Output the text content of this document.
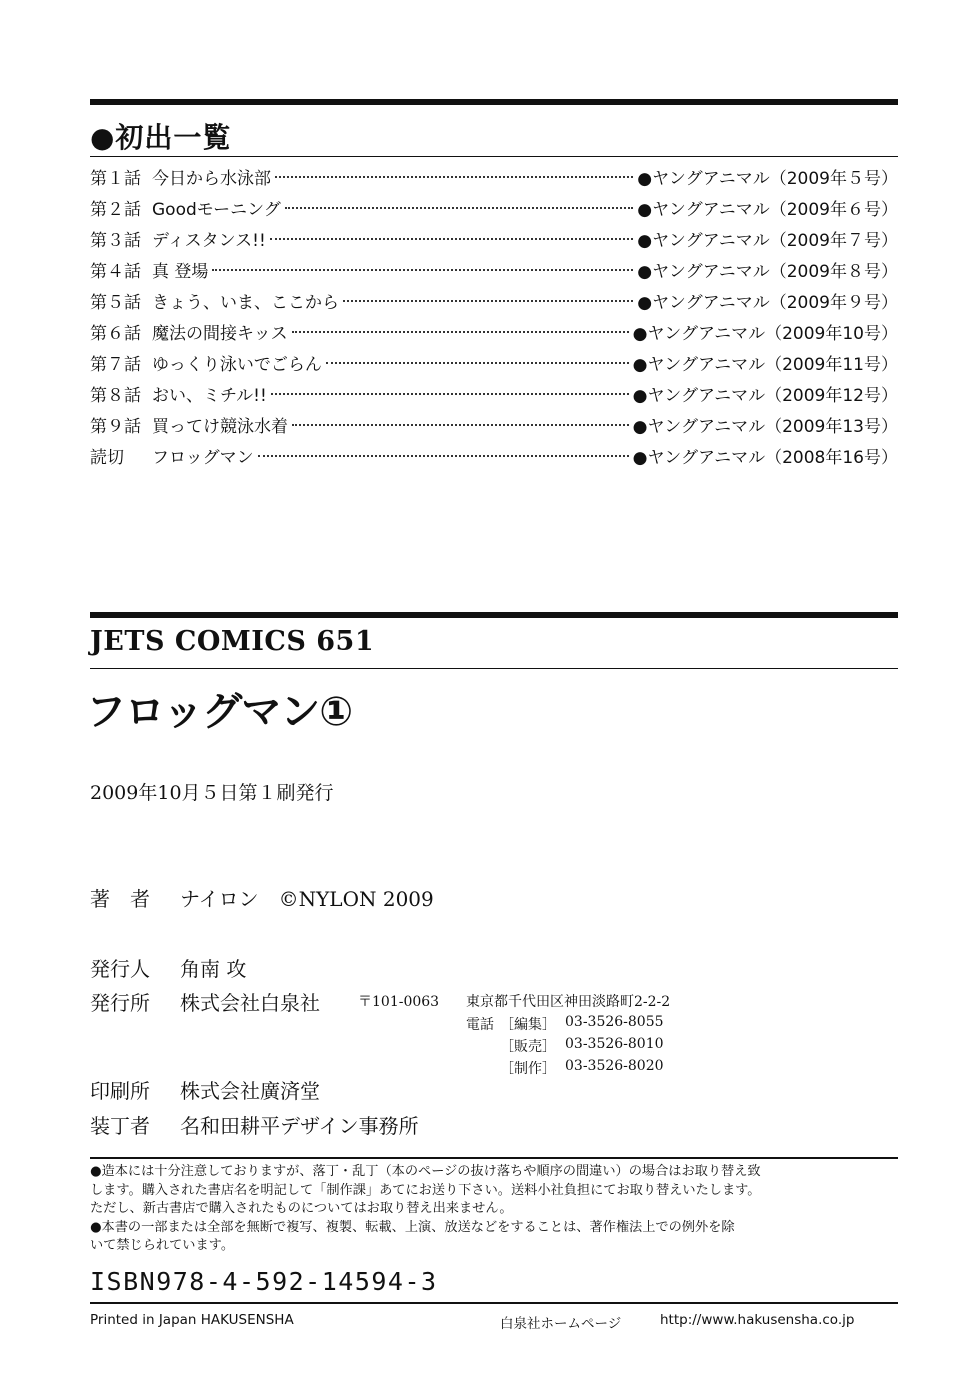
●初出一覧
第１話 今日から水泳部	●ヤングアニマル（2009年５号）
第２話 Goodモーニング	●ヤングアニマル（2009年６号）
第３話 ディスタンス!!	●ヤングアニマル（2009年７号）
第４話 真 登場	●ヤングアニマル（2009年８号）
第５話 きょう、いま、ここから	●ヤングアニマル（2009年９号）
第６話 魔法の間接キッス	●ヤングアニマル（2009年10号）
第７話 ゆっくり泳いでごらん	●ヤングアニマル（2009年11号）
第８話 おい、ミチル!!	●ヤングアニマル（2009年12号）
第９話 買ってけ競泳水着	●ヤングアニマル（2009年13号）
読切	フロッグマン	●ヤングアニマル（2008年16号）
JETS COMICS 651
フロッグマン①
2009年10月５日第１刷発行
著　者 ナイロン　©NYLON 2009
発行人 角南 攻
発行所 株式会社白泉社	〒101-0063 東京都千代田区神田淡路町2-2-2
電話 ［編集］ 03-3526-8055
［販売］ 03-3526-8010
［制作］ 03-3526-8020
印刷所 株式会社廣済堂
装丁者 名和田耕平デザイン事務所

●造本には十分注意しておりますが、落丁・乱丁（本のページの抜け落ちや順序の間違い）の場合はお取り替え致

します。購入された書店名を明記して「制作課」あてにお送り下さい。送料小社負担にてお取り替えいたします。

ただし、新古書店で購入されたものについてはお取り替え出来ません。

●本書の一部または全部を無断で複写、複製、転載、上演、放送などをすることは、著作権法上での例外を除

いて禁じられています。

ISBN978-4-592-14594-3
Printed in Japan HAKUSENSHA	白泉社ホームページ	http://www.hakusensha.co.jp
